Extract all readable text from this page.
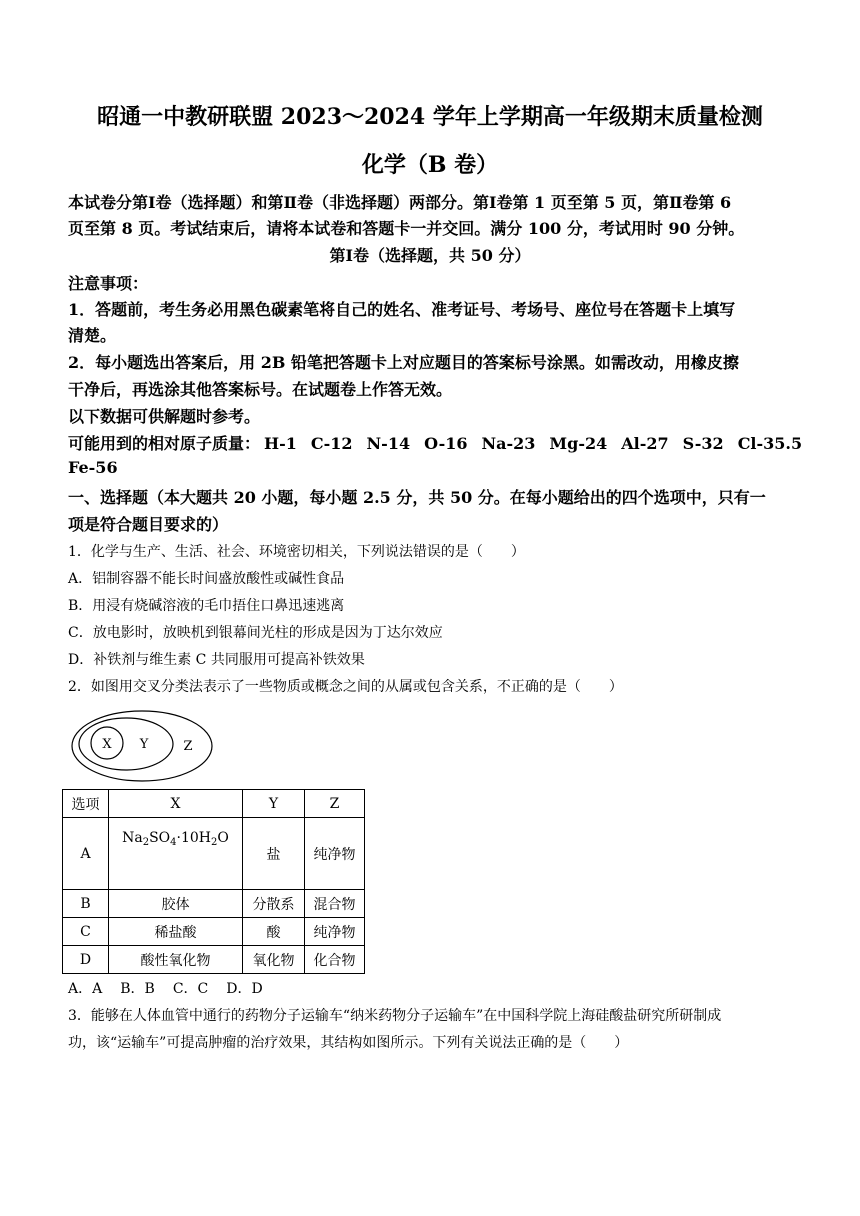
昭通一中教研联盟 2023～2024 学年上学期高一年级期末质量检测
化学（B 卷）
本试卷分第Ⅰ卷（选择题）和第Ⅱ卷（非选择题）两部分。第Ⅰ卷第 1 页至第 5 页，第Ⅱ卷第 6
页至第 8 页。考试结束后，请将本试卷和答题卡一并交回。满分 100 分，考试用时 90 分钟。
第Ⅰ卷（选择题，共 50 分）
注意事项：
1．答题前，考生务必用黑色碳素笔将自己的姓名、准考证号、考场号、座位号在答题卡上填写
清楚。
2．每小题选出答案后，用 2B 铅笔把答题卡上对应题目的答案标号涂黑。如需改动，用橡皮擦
干净后，再选涂其他答案标号。在试题卷上作答无效。
以下数据可供解题时参考。
可能用到的相对原子质量： H-1 C-12 N-14 O-16 Na-23 Mg-24 Al-27 S-32 Cl-35.5
Fe-56
一、选择题（本大题共 20 小题，每小题 2.5 分，共 50 分。在每小题给出的四个选项中，只有一
项是符合题目要求的）
1．化学与生产、生活、社会、环境密切相关，下列说法错误的是（　　）
A．铝制容器不能长时间盛放酸性或碱性食品
B．用浸有烧碱溶液的毛巾捂住口鼻迅速逃离
C．放电影时，放映机到银幕间光柱的形成是因为丁达尔效应
D．补铁剂与维生素 C 共同服用可提高补铁效果
2．如图用交叉分类法表示了一些物质或概念之间的从属或包含关系，不正确的是（　　）
X Y	Z
选项	X	Y	Z
A	$Na_2SO_4\cdot 10H_2O$	盐	纯净物
B	胶体	分散系	混合物
C	稀盐酸	酸	纯净物
D	酸性氧化物	氧化物	化合物
A．A B．B C．C D．D
3．能够在人体血管中通行的药物分子运输车“纳米药物分子运输车”在中国科学院上海硅酸盐研究所研制成
功，该“运输车”可提高肿瘤的治疗效果，其结构如图所示。下列有关说法正确的是（　　）
